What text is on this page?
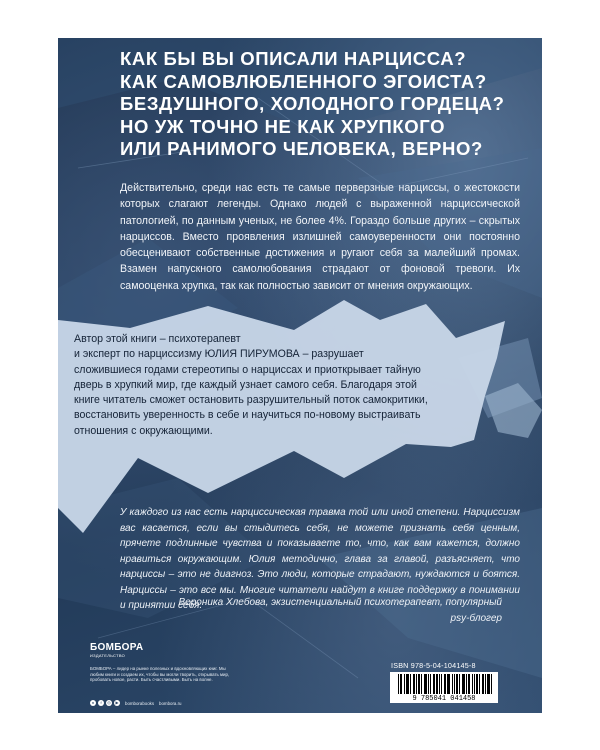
КАК БЫ ВЫ ОПИСАЛИ НАРЦИССА?
КАК САМОВЛЮБЛЕННОГО ЭГОИСТА?
БЕЗДУШНОГО, ХОЛОДНОГО ГОРДЕЦА?
НО УЖ ТОЧНО НЕ КАК ХРУПКОГО
ИЛИ РАНИМОГО ЧЕЛОВЕКА, ВЕРНО?
Действительно, среди нас есть те самые перверзные нарциссы, о жестокости которых слагают легенды. Однако людей с выраженной нарциссической патологией, по данным ученых, не более 4%. Гораздо больше других – скрытых нарциссов. Вместо проявления излишней самоуверенности они постоянно обесценивают собственные достижения и ругают себя за малейший промах. Взамен напускного самолюбования страдают от фоновой тревоги. Их самооценка хрупка, так как полностью зависит от мнения окружающих.
Автор этой книги – психотерапевт
и эксперт по нарциссизму ЮЛИЯ ПИРУМОВА – разрушает
сложившиеся годами стереотипы о нарциссах и приоткрывает тайную
дверь в хрупкий мир, где каждый узнает самого себя. Благодаря этой
книге читатель сможет остановить разрушительный поток самокритики,
восстановить уверенность в себе и научиться по-новому выстраивать
отношения с окружающими.
У каждого из нас есть нарциссическая травма той или иной степени. Нарциссизм вас касается, если вы стыдитесь себя, не можете признать себя ценным, прячете подлинные чувства и показываете то, что, как вам кажется, должно нравиться окружающим. Юлия методично, глава за главой, разъясняет, что нарциссы – это не диагноз. Это люди, которые страдают, нуждаются и боятся. Нарциссы – это все мы. Многие читатели найдут в книге поддержку в понимании и принятии себя.
Вероника Хлебова, экзистенциальный психотерапевт, популярный psy-блогер
БОМБОРА
ИЗДАТЕЛЬСТВО
БОМБОРА – лидер на рынке полезных и вдохновляющих книг. Мы любим книги и создаем их, чтобы вы могли творить, открывать мир, пробовать новое, расти. Быть счастливыми. Быть на волне.
в	f	◎	▶	bomborabooks bombora.ru
ISBN 978-5-04-104145-8
9 785041 041458
